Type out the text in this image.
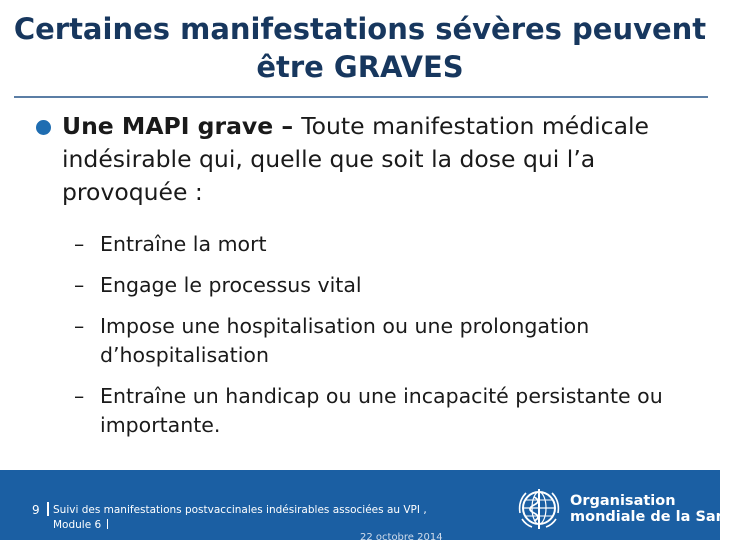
Certaines manifestations sévères peuvent
être GRAVES
Une MAPI grave – Toute manifestation médicale indésirable qui, quelle que soit la dose qui l’a provoquée :
– Entraîne la mort
– Engage le processus vital
– Impose une hospitalisation ou une prolongation d’hospitalisation
– Entraîne un handicap ou une incapacité persistante ou importante.
9 Suivi des manifestations postvaccinales indésirables associées au VPI , Module 6
22 octobre 2014
Organisation
mondiale de la Santé
